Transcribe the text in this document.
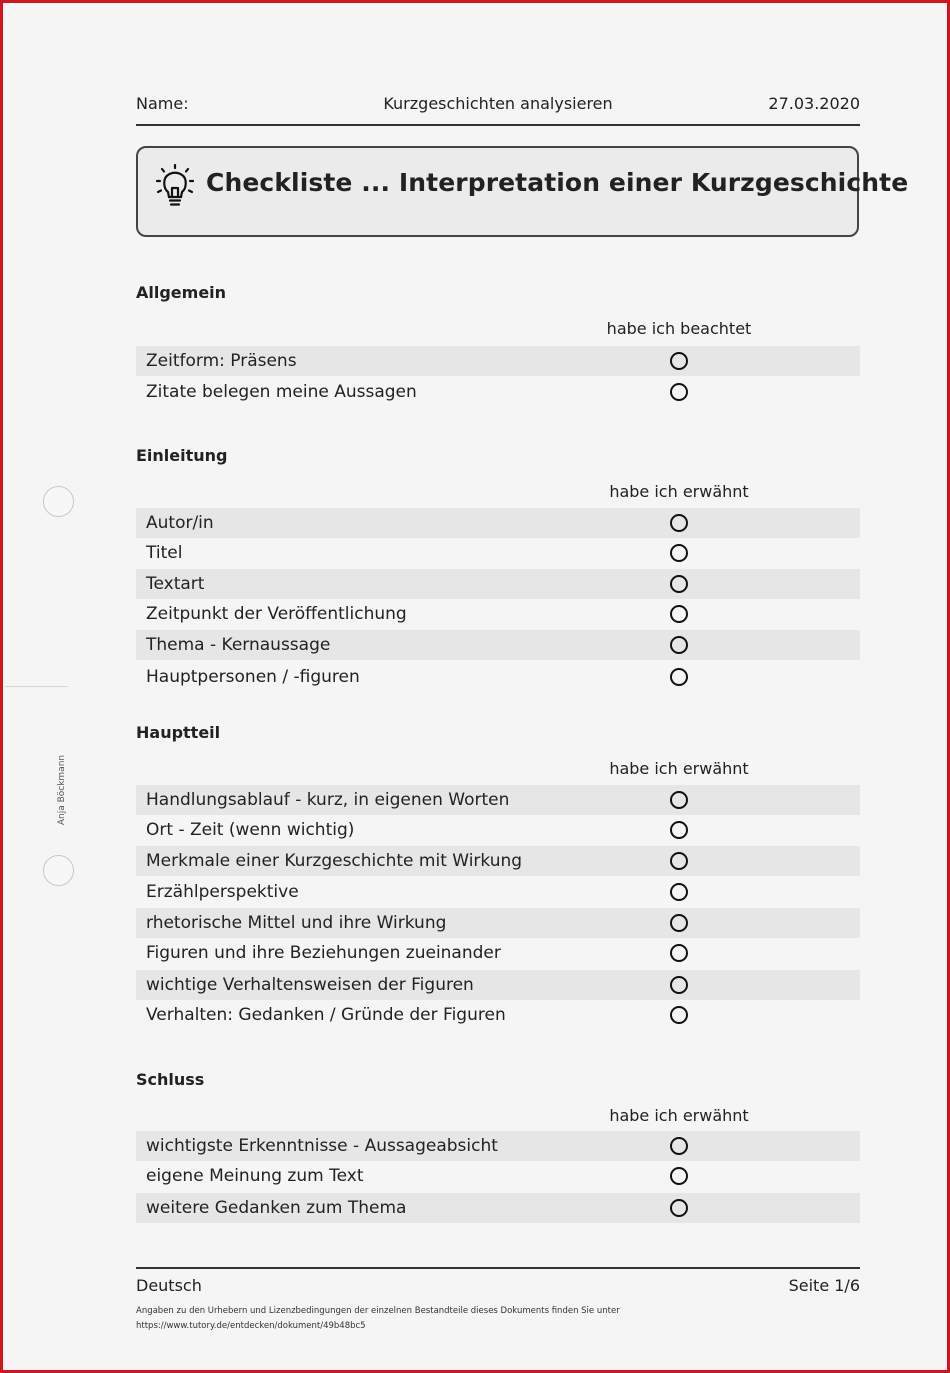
Anja Böckmann
Name:	Kurzgeschichten analysieren	27.03.2020
Checkliste ... Interpretation einer Kurzgeschichte
Allgemein
habe ich beachtet
Zeitform: Präsens
Zitate belegen meine Aussagen
Einleitung
habe ich erwähnt
Autor/in
Titel
Textart
Zeitpunkt der Veröffentlichung
Thema - Kernaussage
Hauptpersonen / -figuren
Hauptteil
habe ich erwähnt
Handlungsablauf - kurz, in eigenen Worten
Ort - Zeit (wenn wichtig)
Merkmale einer Kurzgeschichte mit Wirkung
Erzählperspektive
rhetorische Mittel und ihre Wirkung
Figuren und ihre Beziehungen zueinander
wichtige Verhaltensweisen der Figuren
Verhalten: Gedanken / Gründe der Figuren
Schluss
habe ich erwähnt
wichtigste Erkenntnisse - Aussageabsicht
eigene Meinung zum Text
weitere Gedanken zum Thema
Deutsch	Seite 1/6
Angaben zu den Urhebern und Lizenzbedingungen der einzelnen Bestandteile dieses Dokuments finden Sie unter
https://www.tutory.de/entdecken/dokument/49b48bc5
